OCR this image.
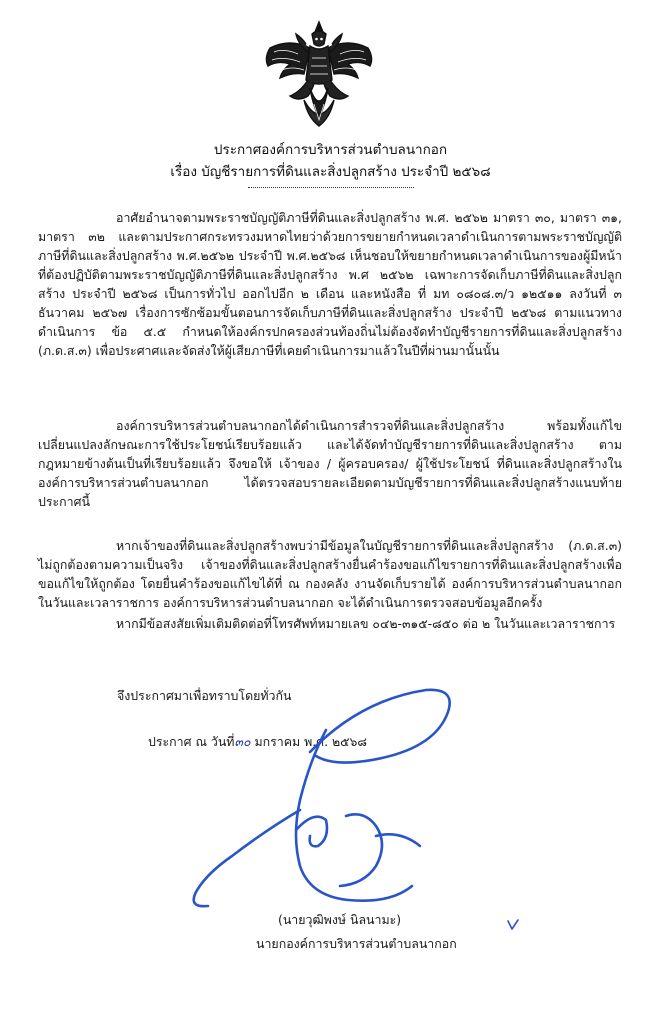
ประกาศองค์การบริหารส่วนตำบลนากอก
เรื่อง บัญชีรายการที่ดินและสิ่งปลูกสร้าง ประจำปี ๒๕๖๘

อาศัยอำนาจตามพระราชบัญญัติภาษีที่ดินและสิ่งปลูกสร้าง พ.ศ. ๒๕๖๒ มาตรา ๓๐, มาตรา ๓๑, มาตรา ๓๒ และตามประกาศกระทรวงมหาดไทยว่าด้วยการขยายกำหนดเวลาดำเนินการตามพระราชบัญญัติภาษีที่ดินและสิ่งปลูกสร้าง พ.ศ.๒๕๖๒ ประจำปี พ.ศ.๒๕๖๘ เห็นชอบให้ขยายกำหนดเวลาดำเนินการของผู้มีหน้าที่ต้องปฏิบัติตามพระราชบัญญัติภาษีที่ดินและสิ่งปลูกสร้าง พ.ศ ๒๕๖๒ เฉพาะการจัดเก็บภาษีที่ดินและสิ่งปลูกสร้าง ประจำปี ๒๕๖๘ เป็นการทั่วไป ออกไปอีก ๒ เดือน และหนังสือ ที่ มท ๐๘๐๘.๓/ว ๑๒๕๑๑ ลงวันที่ ๓ ธันวาคม ๒๕๖๗ เรื่องการซักซ้อมขั้นตอนการจัดเก็บภาษีที่ดินและสิ่งปลูกสร้าง ประจำปี ๒๕๖๘ ตามแนวทางดำเนินการ ข้อ ๕.๕ กำหนดให้องค์กรปกครองส่วนท้องถิ่นไม่ต้องจัดทำบัญชีรายการที่ดินและสิ่งปลูกสร้าง (ภ.ด.ส.๓) เพื่อประศาศและจัดส่งให้ผู้เสียภาษีที่เคยดำเนินการมาแล้วในปีที่ผ่านมานั้นนั้น

องค์การบริหารส่วนตำบลนากอกได้ดำเนินการสำรวจที่ดินและสิ่งปลูกสร้าง พร้อมทั้งแก้ไขเปลี่ยนแปลงลักษณะการใช้ประโยชน์เรียบร้อยแล้ว และได้จัดทำบัญชีรายการที่ดินและสิ่งปลูกสร้าง ตามกฎหมายข้างต้นเป็นที่เรียบร้อยแล้ว จึงขอให้ เจ้าของ / ผู้ครอบครอง/ ผู้ใช้ประโยชน์ ที่ดินและสิ่งปลูกสร้างในองค์การบริหารส่วนตำบลนากอก ได้ตรวจสอบรายละเอียดตามบัญชีรายการที่ดินและสิ่งปลูกสร้างแนบท้ายประกาศนี้

หากเจ้าของที่ดินและสิ่งปลูกสร้างพบว่ามีข้อมูลในบัญชีรายการที่ดินและสิ่งปลูกสร้าง (ภ.ด.ส.๓) ไม่ถูกต้องตามความเป็นจริง เจ้าของที่ดินและสิ่งปลูกสร้างยื่นคำร้องขอแก้ไขรายการที่ดินและสิ่งปลูกสร้างเพื่อขอแก้ไขให้ถูกต้อง โดยยื่นคำร้องขอแก้ไขได้ที่ ณ กองคลัง งานจัดเก็บรายได้ องค์การบริหารส่วนตำบลนากอก ในวันและเวลาราชการ องค์การบริหารส่วนตำบลนากอก จะได้ดำเนินการตรวจสอบข้อมูลอีกครั้ง

หากมีข้อสงสัยเพิ่มเติมติดต่อที่โทรศัพท์หมายเลข ๐๔๒-๓๑๕-๘๕๐ ต่อ ๒ ในวันและเวลาราชการ

จึงประกาศมาเพื่อทราบโดยทั่วกัน
ประกาศ ณ วันที่๓๐ มกราคม พ.ศ. ๒๕๖๘
(นายวุฒิพงษ์ นิลนามะ)
นายกองค์การบริหารส่วนตำบลนากอก
